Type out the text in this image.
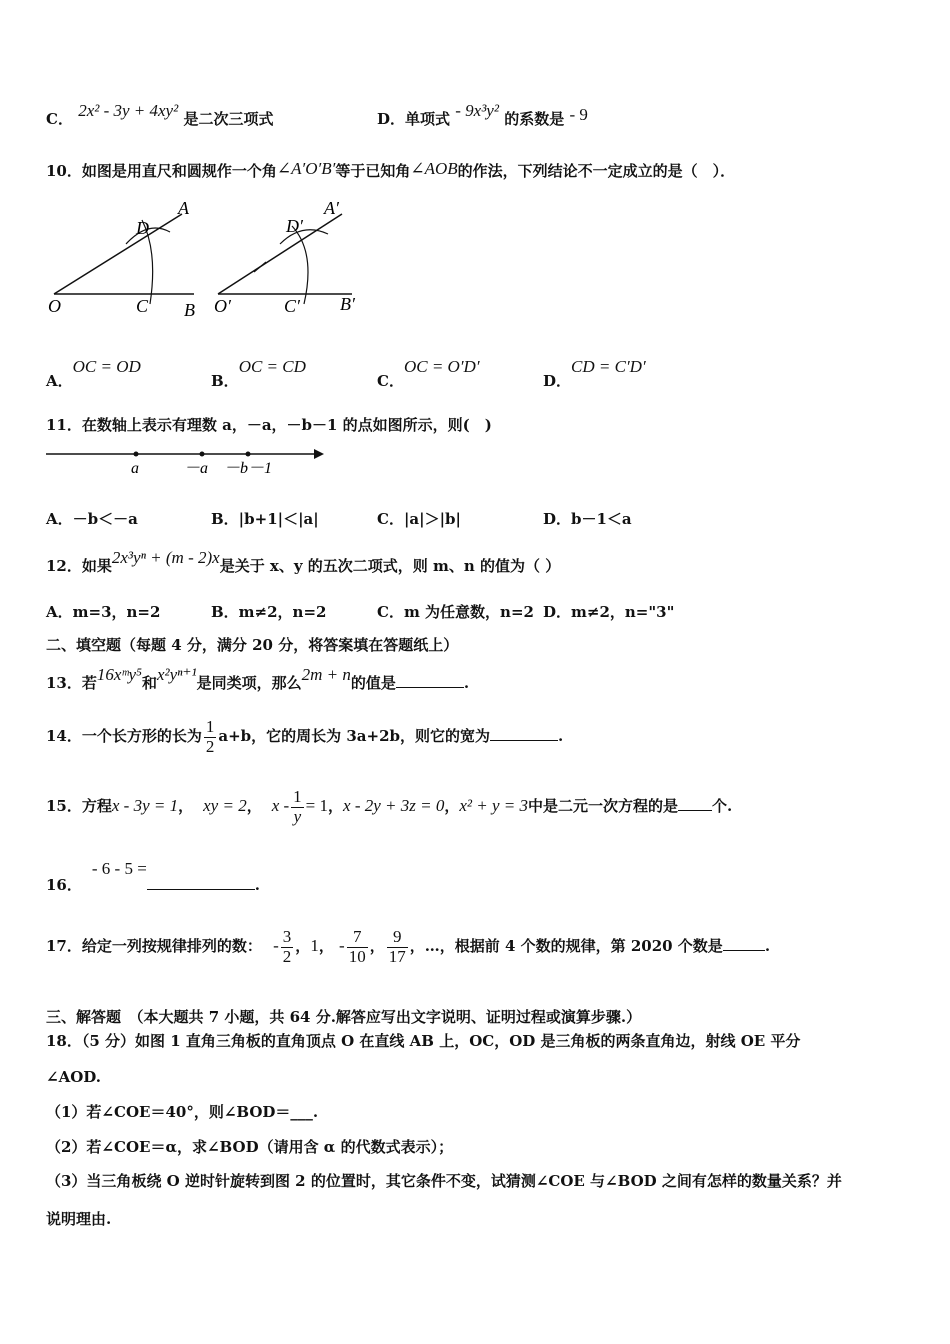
C． 2x² - 3y + 4xy² 是二次三项式	D．单项式 - 9x³y² 的系数是 - 9
10．如图是用直尺和圆规作一个角∠A′O′B′等于已知角∠AOB的作法，下列结论不一定成立的是（　）．
O	C B
D
A
O′	C′ B′
D′
A′
A．OC = OD
B．OC = CD
C．OC = O′D′
D．CD = C′D′
11．在数轴上表示有理数 a，－a，－b－1 的点如图所示，则(　)
a	－a －b－1
A．－b＜－a	B．|b+1|＜|a|	C．|a|＞|b|	D．b－1＜a
12．如果2x³yⁿ + (m - 2)x是关于 x、y 的五次二项式，则 m、n 的值为（ ）
A．m=3，n=2	B．m≠2，n=2	C．m 为任意数，n=2 D．m≠2，n="3"
二、填空题（每题 4 分，满分 20 分，将答案填在答题纸上）
13．若16xᵐy⁵和x²yⁿ⁺¹是同类项，那么2m + n的值是	.
14．一个长方形的长为 $\frac{1}{2} a+b$，它的周长为 3a+2b，则它的宽为	.
15．方程x - 3y = 1， xy = 2， $x - \frac{1}{y} = 1$，x - 2y + 3z = 0，x² + y = 3中是二元一次方程的是 个.
16．- 6 - 5 =.
17．给定一列按规律排列的数： - $\frac{3}{2}$ ，1， - $\frac{7}{10}$ ， $\frac{9}{17}$ ，…，根据前 4 个数的规律，第 2020 个数是	.
三、解答题　（本大题共 7 小题，共 64 分.解答应写出文字说明、证明过程或演算步骤.）
18．（5 分）如图 1 直角三角板的直角顶点 O 在直线 AB 上，OC，OD 是三角板的两条直角边，射线 OE 平分
∠AOD.
（1）若∠COE＝40°，则∠BOD＝___.
（2）若∠COE＝α，求∠BOD（请用含 α 的代数式表示）；
（3）当三角板绕 O 逆时针旋转到图 2 的位置时，其它条件不变，试猜测∠COE 与∠BOD 之间有怎样的数量关系？并
说明理由.
